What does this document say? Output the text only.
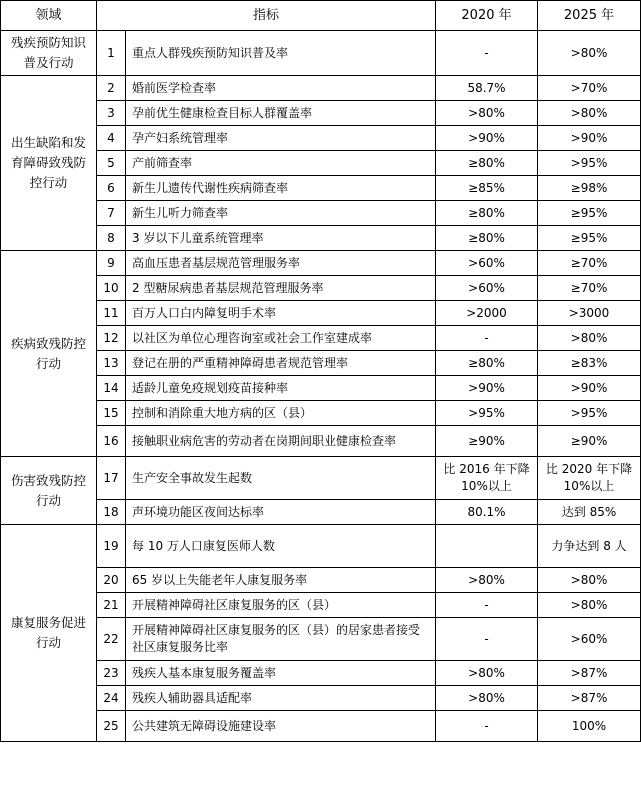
领域	指标		2020 年	2025 年
残疾预防知识普及行动	1	重点人群残疾预防知识普及率	-	>80%
出生缺陷和发育障碍致残防控行动	2	婚前医学检查率	58.7%	>70%
	3	孕前优生健康检查目标人群覆盖率	>80%	>80%
	4	孕产妇系统管理率	>90%	>90%
	5	产前筛查率	≥80%	>95%
	6	新生儿遗传代谢性疾病筛查率	≥85%	≥98%
	7	新生儿听力筛查率	≥80%	≥95%
	8	3 岁以下儿童系统管理率	≥80%	≥95%
疾病致残防控行动	9	高血压患者基层规范管理服务率	>60%	≥70%
	10	2 型糖尿病患者基层规范管理服务率	>60%	≥70%
	11	百万人口白内障复明手术率	>2000	>3000
	12	以社区为单位心理咨询室或社会工作室建成率	-	>80%
	13	登记在册的严重精神障碍患者规范管理率	≥80%	≥83%
	14	适龄儿童免疫规划疫苗接种率	>90%	>90%
	15	控制和消除重大地方病的区（县）	>95%	>95%
	16	接触职业病危害的劳动者在岗期间职业健康检查率	≥90%	≥90%
伤害致残防控行动	17	生产安全事故发生起数	比 2016 年下降 10%以上	比 2020 年下降 10%以上
	18	声环境功能区夜间达标率	80.1%	达到 85%
康复服务促进行动	19	每 10 万人口康复医师人数		力争达到 8 人
	20	65 岁以上失能老年人康复服务率	>80%	>80%
	21	开展精神障碍社区康复服务的区（县）	-	>80%
	22	开展精神障碍社区康复服务的区（县）的居家患者接受社区康复服务比率	-	>60%
	23	残疾人基本康复服务覆盖率	>80%	>87%
	24	残疾人辅助器具适配率	>80%	>87%
	25	公共建筑无障碍设施建设率	-	100%
